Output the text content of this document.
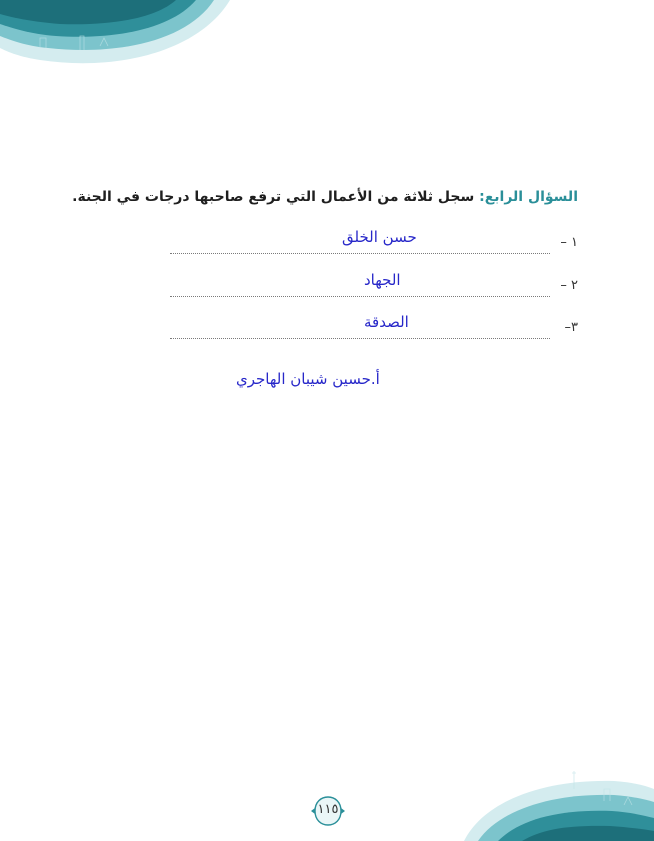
السؤال الرابع: سجل ثلاثة من الأعمال التي ترفع صاحبها درجات في الجنة.
١ –
حسن الخلق
٢ –
الجهاد
٣–
الصدقة
أ.حسين شيبان الهاجري
١١٥
